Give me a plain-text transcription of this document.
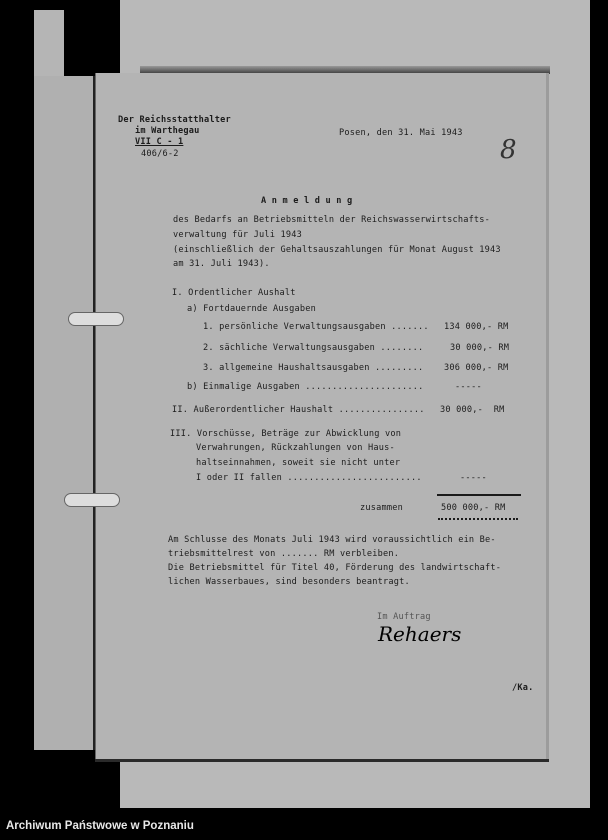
Der Reichsstatthalter
im Warthegau
VII C - 1
406/6-2
Posen, den 31. Mai 1943
8
A n m e l d u n g
des Bedarfs an Betriebsmitteln der Reichswasserwirtschafts-
verwaltung für Juli 1943
(einschließlich der Gehaltsauszahlungen für Monat August 1943
am 31. Juli 1943).
I. Ordentlicher Aushalt
a) Fortdauernde Ausgaben
1. persönliche Verwaltungsausgaben ....... 134 000,- RM
2. sächliche Verwaltungsausgaben ........	30 000,- RM
3. allgemeine Haushaltsausgaben ......... 306 000,- RM
b) Einmalige Ausgaben ......................	-----
II. Außerordentlicher Haushalt ................ 30 000,-  RM
III. Vorschüsse, Beträge zur Abwicklung von
Verwahrungen, Rückzahlungen von Haus-
haltseinnahmen, soweit sie nicht unter
I oder II fallen .........................	-----
zusammen	500 000,- RM
Am Schlusse des Monats Juli 1943 wird voraussichtlich ein Be-
triebsmittelrest von ....... RM verbleiben.
Die Betriebsmittel für Titel 40, Förderung des landwirtschaft-
lichen Wasserbaues, sind besonders beantragt.
Im Auftrag
Rehaers
/Ka.
Archiwum Państwowe w Poznaniu
